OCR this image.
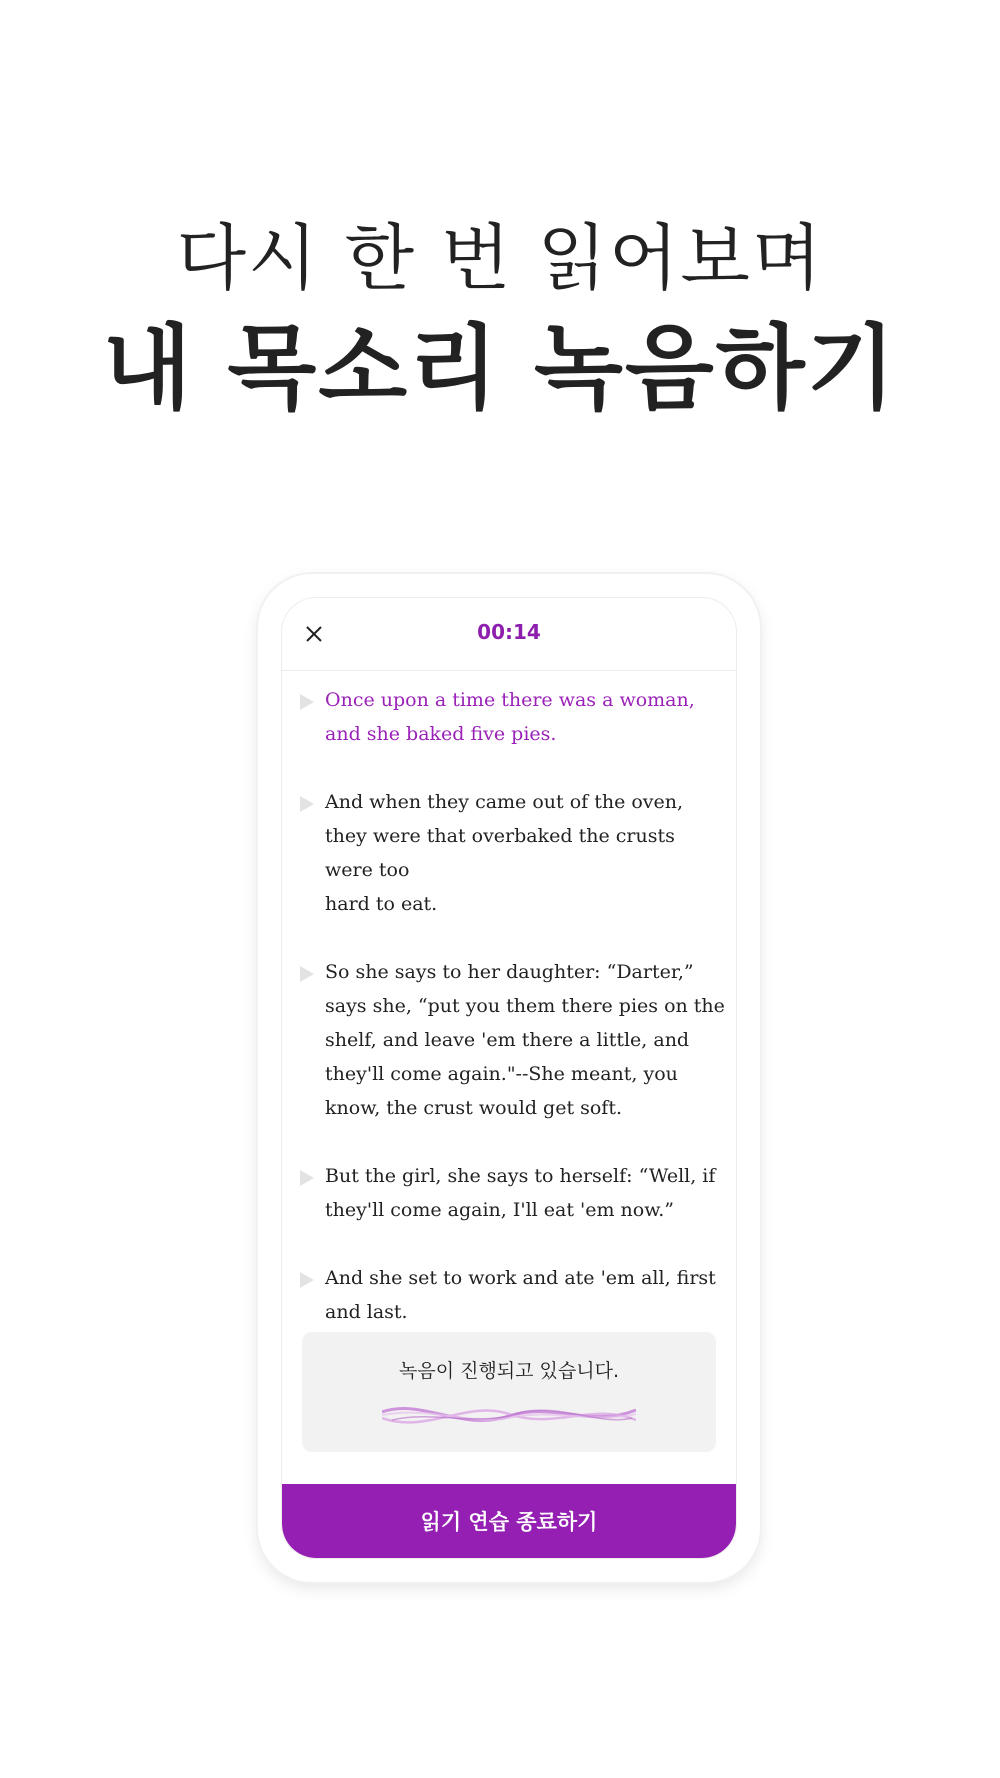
다시 한 번 읽어보며
내 목소리 녹음하기
00:14

Once upon a time there was a woman, and she baked five pies.

And when they came out of the oven, they were that overbaked the crusts were too
hard to eat.

So she says to her daughter: “Darter,” says she, “put you them there pies on the shelf, and leave 'em there a little, and they'll come again."--She meant, you know, the crust would get soft.

But the girl, she says to herself: “Well, if they'll come again, I'll eat 'em now.”

And she set to work and ate 'em all, first and last.

녹음이 진행되고 있습니다.
읽기 연습 종료하기
